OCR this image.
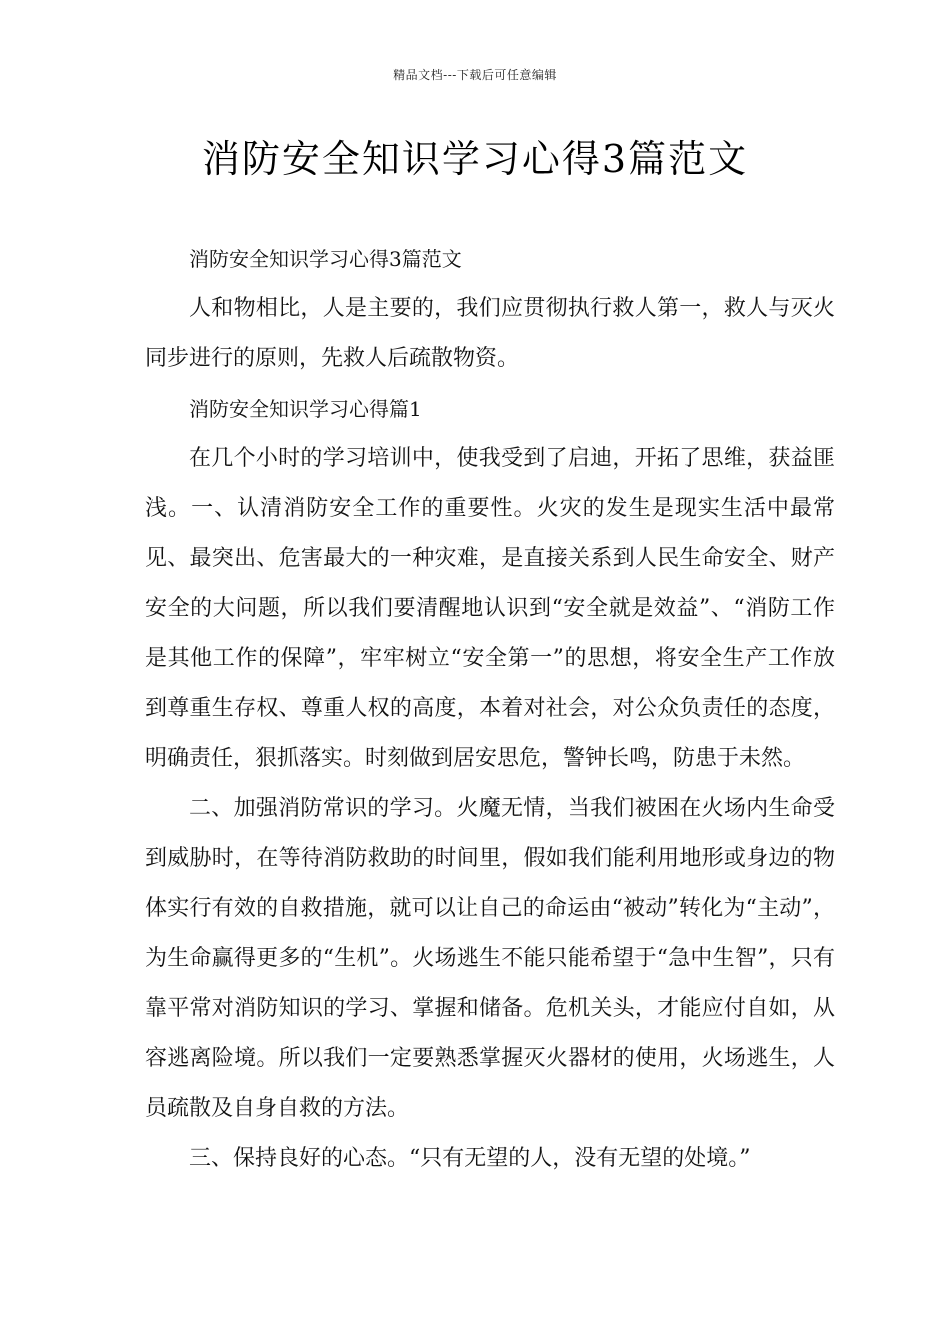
精品文档---下载后可任意编辑
消防安全知识学习心得3篇范文

消防安全知识学习心得3篇范文

人和物相比，人是主要的，我们应贯彻执行救人第一，救人与灭火同步进行的原则，先救人后疏散物资。

消防安全知识学习心得篇1

在几个小时的学习培训中，使我受到了启迪，开拓了思维，获益匪浅。一、认清消防安全工作的重要性。火灾的发生是现实生活中最常见、最突出、危害最大的一种灾难，是直接关系到人民生命安全、财产安全的大问题，所以我们要清醒地认识到“安全就是效益”、“消防工作是其他工作的保障”，牢牢树立“安全第一”的思想，将安全生产工作放到尊重生存权、尊重人权的高度，本着对社会，对公众负责任的态度，明确责任，狠抓落实。时刻做到居安思危，警钟长鸣，防患于未然。

二、加强消防常识的学习。火魔无情，当我们被困在火场内生命受到威胁时，在等待消防救助的时间里，假如我们能利用地形或身边的物体实行有效的自救措施，就可以让自己的命运由“被动”转化为“主动”，为生命赢得更多的“生机”。火场逃生不能只能希望于“急中生智”，只有靠平常对消防知识的学习、掌握和储备。危机关头，才能应付自如，从容逃离险境。所以我们一定要熟悉掌握灭火器材的使用，火场逃生，人员疏散及自身自救的方法。

三、保持良好的心态。“只有无望的人，没有无望的处境。”
